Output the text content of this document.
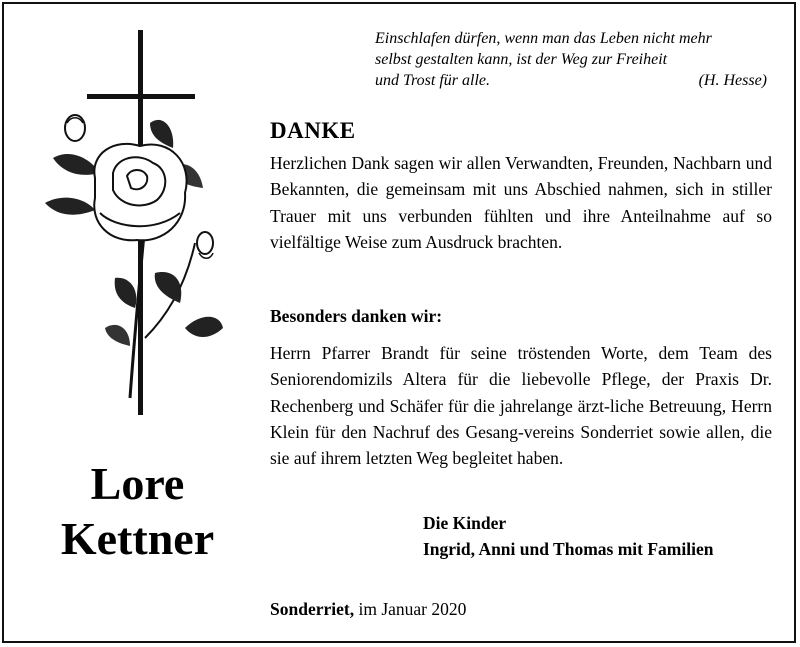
Lore
Kettner
Einschlafen dürfen, wenn man das Leben nicht mehr
selbst gestalten kann, ist der Weg zur Freiheit
und Trost für alle.	(H. Hesse)
DANKE
Herzlichen Dank sagen wir allen Verwandten, Freunden, Nachbarn und Bekannten, die gemeinsam mit uns Abschied nahmen, sich in stiller Trauer mit uns verbunden fühlten und ihre Anteilnahme auf so vielfältige Weise zum Ausdruck brachten.
Besonders danken wir:
Herrn Pfarrer Brandt für seine tröstenden Worte, dem Team des Seniorendomizils Altera für die liebevolle Pflege, der Praxis Dr. Rechenberg und Schäfer für die jahrelange ärzt-liche Betreuung, Herrn Klein für den Nachruf des Gesang-vereins Sonderriet sowie allen, die sie auf ihrem letzten Weg begleitet haben.
Die Kinder
Ingrid, Anni und Thomas mit Familien
Sonderriet, im Januar 2020
